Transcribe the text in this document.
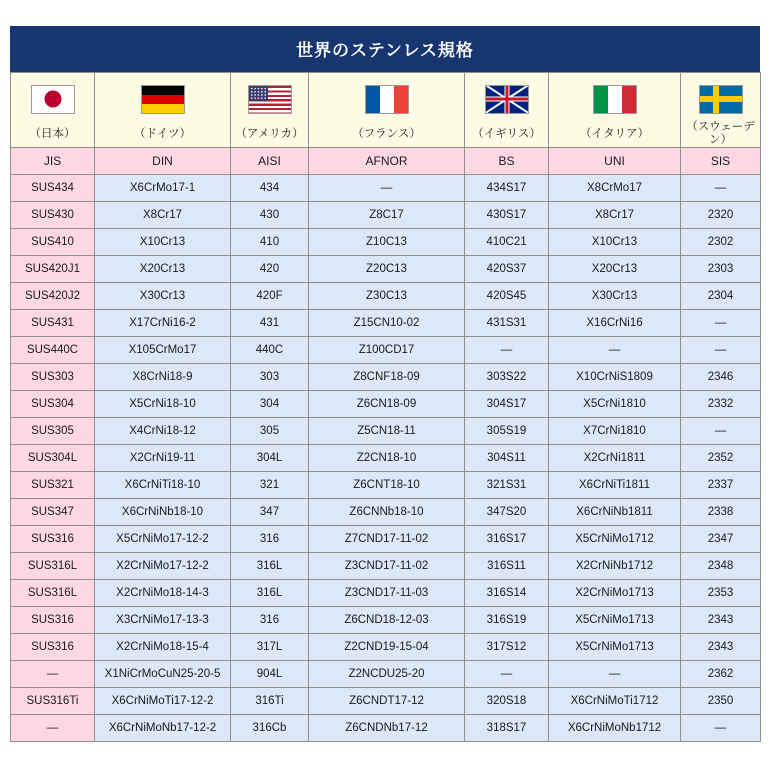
世界のステンレス規格

（日本）	（ドイツ）	（アメリカ）	（フランス）	（イギリス）	（イタリア）	（スウェーデン）
JIS	DIN	AISI	AFNOR	BS	UNI	SIS
SUS434	X6CrMo17-1	434	—	434S17	X8CrMo17	—
SUS430	X8Cr17	430	Z8C17	430S17	X8Cr17	2320
SUS410	X10Cr13	410	Z10C13	410C21	X10Cr13	2302
SUS420J1	X20Cr13	420	Z20C13	420S37	X20Cr13	2303
SUS420J2	X30Cr13	420F	Z30C13	420S45	X30Cr13	2304
SUS431	X17CrNi16-2	431	Z15CN10-02	431S31	X16CrNi16	—
SUS440C	X105CrMo17	440C	Z100CD17	—	—	—
SUS303	X8CrNi18-9	303	Z8CNF18-09	303S22	X10CrNiS1809	2346
SUS304	X5CrNi18-10	304	Z6CN18-09	304S17	X5CrNi1810	2332
SUS305	X4CrNi18-12	305	Z5CN18-11	305S19	X7CrNi1810	—
SUS304L	X2CrNi19-11	304L	Z2CN18-10	304S11	X2CrNi1811	2352
SUS321	X6CrNiTi18-10	321	Z6CNT18-10	321S31	X6CrNiTi1811	2337
SUS347	X6CrNiNb18-10	347	Z6CNNb18-10	347S20	X6CrNiNb1811	2338
SUS316	X5CrNiMo17-12-2	316	Z7CND17-11-02	316S17	X5CrNiMo1712	2347
SUS316L	X2CrNiMo17-12-2	316L	Z3CND17-11-02	316S11	X2CrNiNb1712	2348
SUS316L	X2CrNiMo18-14-3	316L	Z3CND17-11-03	316S14	X2CrNiMo1713	2353
SUS316	X3CrNiMo17-13-3	316	Z6CND18-12-03	316S19	X5CrNiMo1713	2343
SUS316	X2CrNiMo18-15-4	317L	Z2CND19-15-04	317S12	X5CrNiMo1713	2343
—	X1NiCrMoCuN25-20-5	904L	Z2NCDU25-20	—	—	2362
SUS316Ti	X6CrNiMoTi17-12-2	316Ti	Z6CNDT17-12	320S18	X6CrNiMoTi1712	2350
—	X6CrNiMoNb17-12-2	316Cb	Z6CNDNb17-12	318S17	X6CrNiMoNb1712	—
